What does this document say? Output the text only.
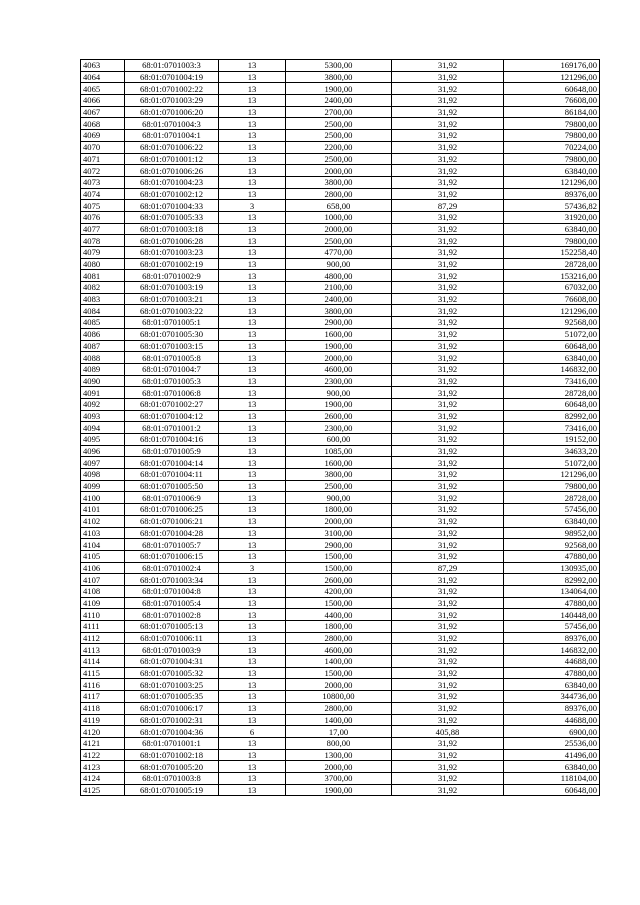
4063	68:01:0701003:3	13	5300,00	31,92	169176,00
4064	68:01:0701004:19	13	3800,00	31,92	121296,00
4065	68:01:0701002:22	13	1900,00	31,92	60648,00
4066	68:01:0701003:29	13	2400,00	31,92	76608,00
4067	68:01:0701006:20	13	2700,00	31,92	86184,00
4068	68:01:0701004:3	13	2500,00	31,92	79800,00
4069	68:01:0701004:1	13	2500,00	31,92	79800,00
4070	68:01:0701006:22	13	2200,00	31,92	70224,00
4071	68:01:0701001:12	13	2500,00	31,92	79800,00
4072	68:01:0701006:26	13	2000,00	31,92	63840,00
4073	68:01:0701004:23	13	3800,00	31,92	121296,00
4074	68:01:0701002:12	13	2800,00	31,92	89376,00
4075	68:01:0701004:33	3	658,00	87,29	57436,82
4076	68:01:0701005:33	13	1000,00	31,92	31920,00
4077	68:01:0701003:18	13	2000,00	31,92	63840,00
4078	68:01:0701006:28	13	2500,00	31,92	79800,00
4079	68:01:0701003:23	13	4770,00	31,92	152258,40
4080	68:01:0701002:19	13	900,00	31,92	28728,00
4081	68:01:0701002:9	13	4800,00	31,92	153216,00
4082	68:01:0701003:19	13	2100,00	31,92	67032,00
4083	68:01:0701003:21	13	2400,00	31,92	76608,00
4084	68:01:0701003:22	13	3800,00	31,92	121296,00
4085	68:01:0701005:1	13	2900,00	31,92	92568,00
4086	68:01:0701005:30	13	1600,00	31,92	51072,00
4087	68:01:0701003:15	13	1900,00	31,92	60648,00
4088	68:01:0701005:8	13	2000,00	31,92	63840,00
4089	68:01:0701004:7	13	4600,00	31,92	146832,00
4090	68:01:0701005:3	13	2300,00	31,92	73416,00
4091	68:01:0701006:8	13	900,00	31,92	28728,00
4092	68:01:0701002:27	13	1900,00	31,92	60648,00
4093	68:01:0701004:12	13	2600,00	31,92	82992,00
4094	68:01:0701001:2	13	2300,00	31,92	73416,00
4095	68:01:0701004:16	13	600,00	31,92	19152,00
4096	68:01:0701005:9	13	1085,00	31,92	34633,20
4097	68:01:0701004:14	13	1600,00	31,92	51072,00
4098	68:01:0701004:11	13	3800,00	31,92	121296,00
4099	68:01:0701005:50	13	2500,00	31,92	79800,00
4100	68:01:0701006:9	13	900,00	31,92	28728,00
4101	68:01:0701006:25	13	1800,00	31,92	57456,00
4102	68:01:0701006:21	13	2000,00	31,92	63840,00
4103	68:01:0701004:28	13	3100,00	31,92	98952,00
4104	68:01:0701005:7	13	2900,00	31,92	92568,00
4105	68:01:0701006:15	13	1500,00	31,92	47880,00
4106	68:01:0701002:4	3	1500,00	87,29	130935,00
4107	68:01:0701003:34	13	2600,00	31,92	82992,00
4108	68:01:0701004:8	13	4200,00	31,92	134064,00
4109	68:01:0701005:4	13	1500,00	31,92	47880,00
4110	68:01:0701002:8	13	4400,00	31,92	140448,00
4111	68:01:0701005:13	13	1800,00	31,92	57456,00
4112	68:01:0701006:11	13	2800,00	31,92	89376,00
4113	68:01:0701003:9	13	4600,00	31,92	146832,00
4114	68:01:0701004:31	13	1400,00	31,92	44688,00
4115	68:01:0701005:32	13	1500,00	31,92	47880,00
4116	68:01:0701003:25	13	2000,00	31,92	63840,00
4117	68:01:0701005:35	13	10800,00	31,92	344736,00
4118	68:01:0701006:17	13	2800,00	31,92	89376,00
4119	68:01:0701002:31	13	1400,00	31,92	44688,00
4120	68:01:0701004:36	6	17,00	405,88	6900,00
4121	68:01:0701001:1	13	800,00	31,92	25536,00
4122	68:01:0701002:18	13	1300,00	31,92	41496,00
4123	68:01:0701005:20	13	2000,00	31,92	63840,00
4124	68:01:0701003:8	13	3700,00	31,92	118104,00
4125	68:01:0701005:19	13	1900,00	31,92	60648,00
